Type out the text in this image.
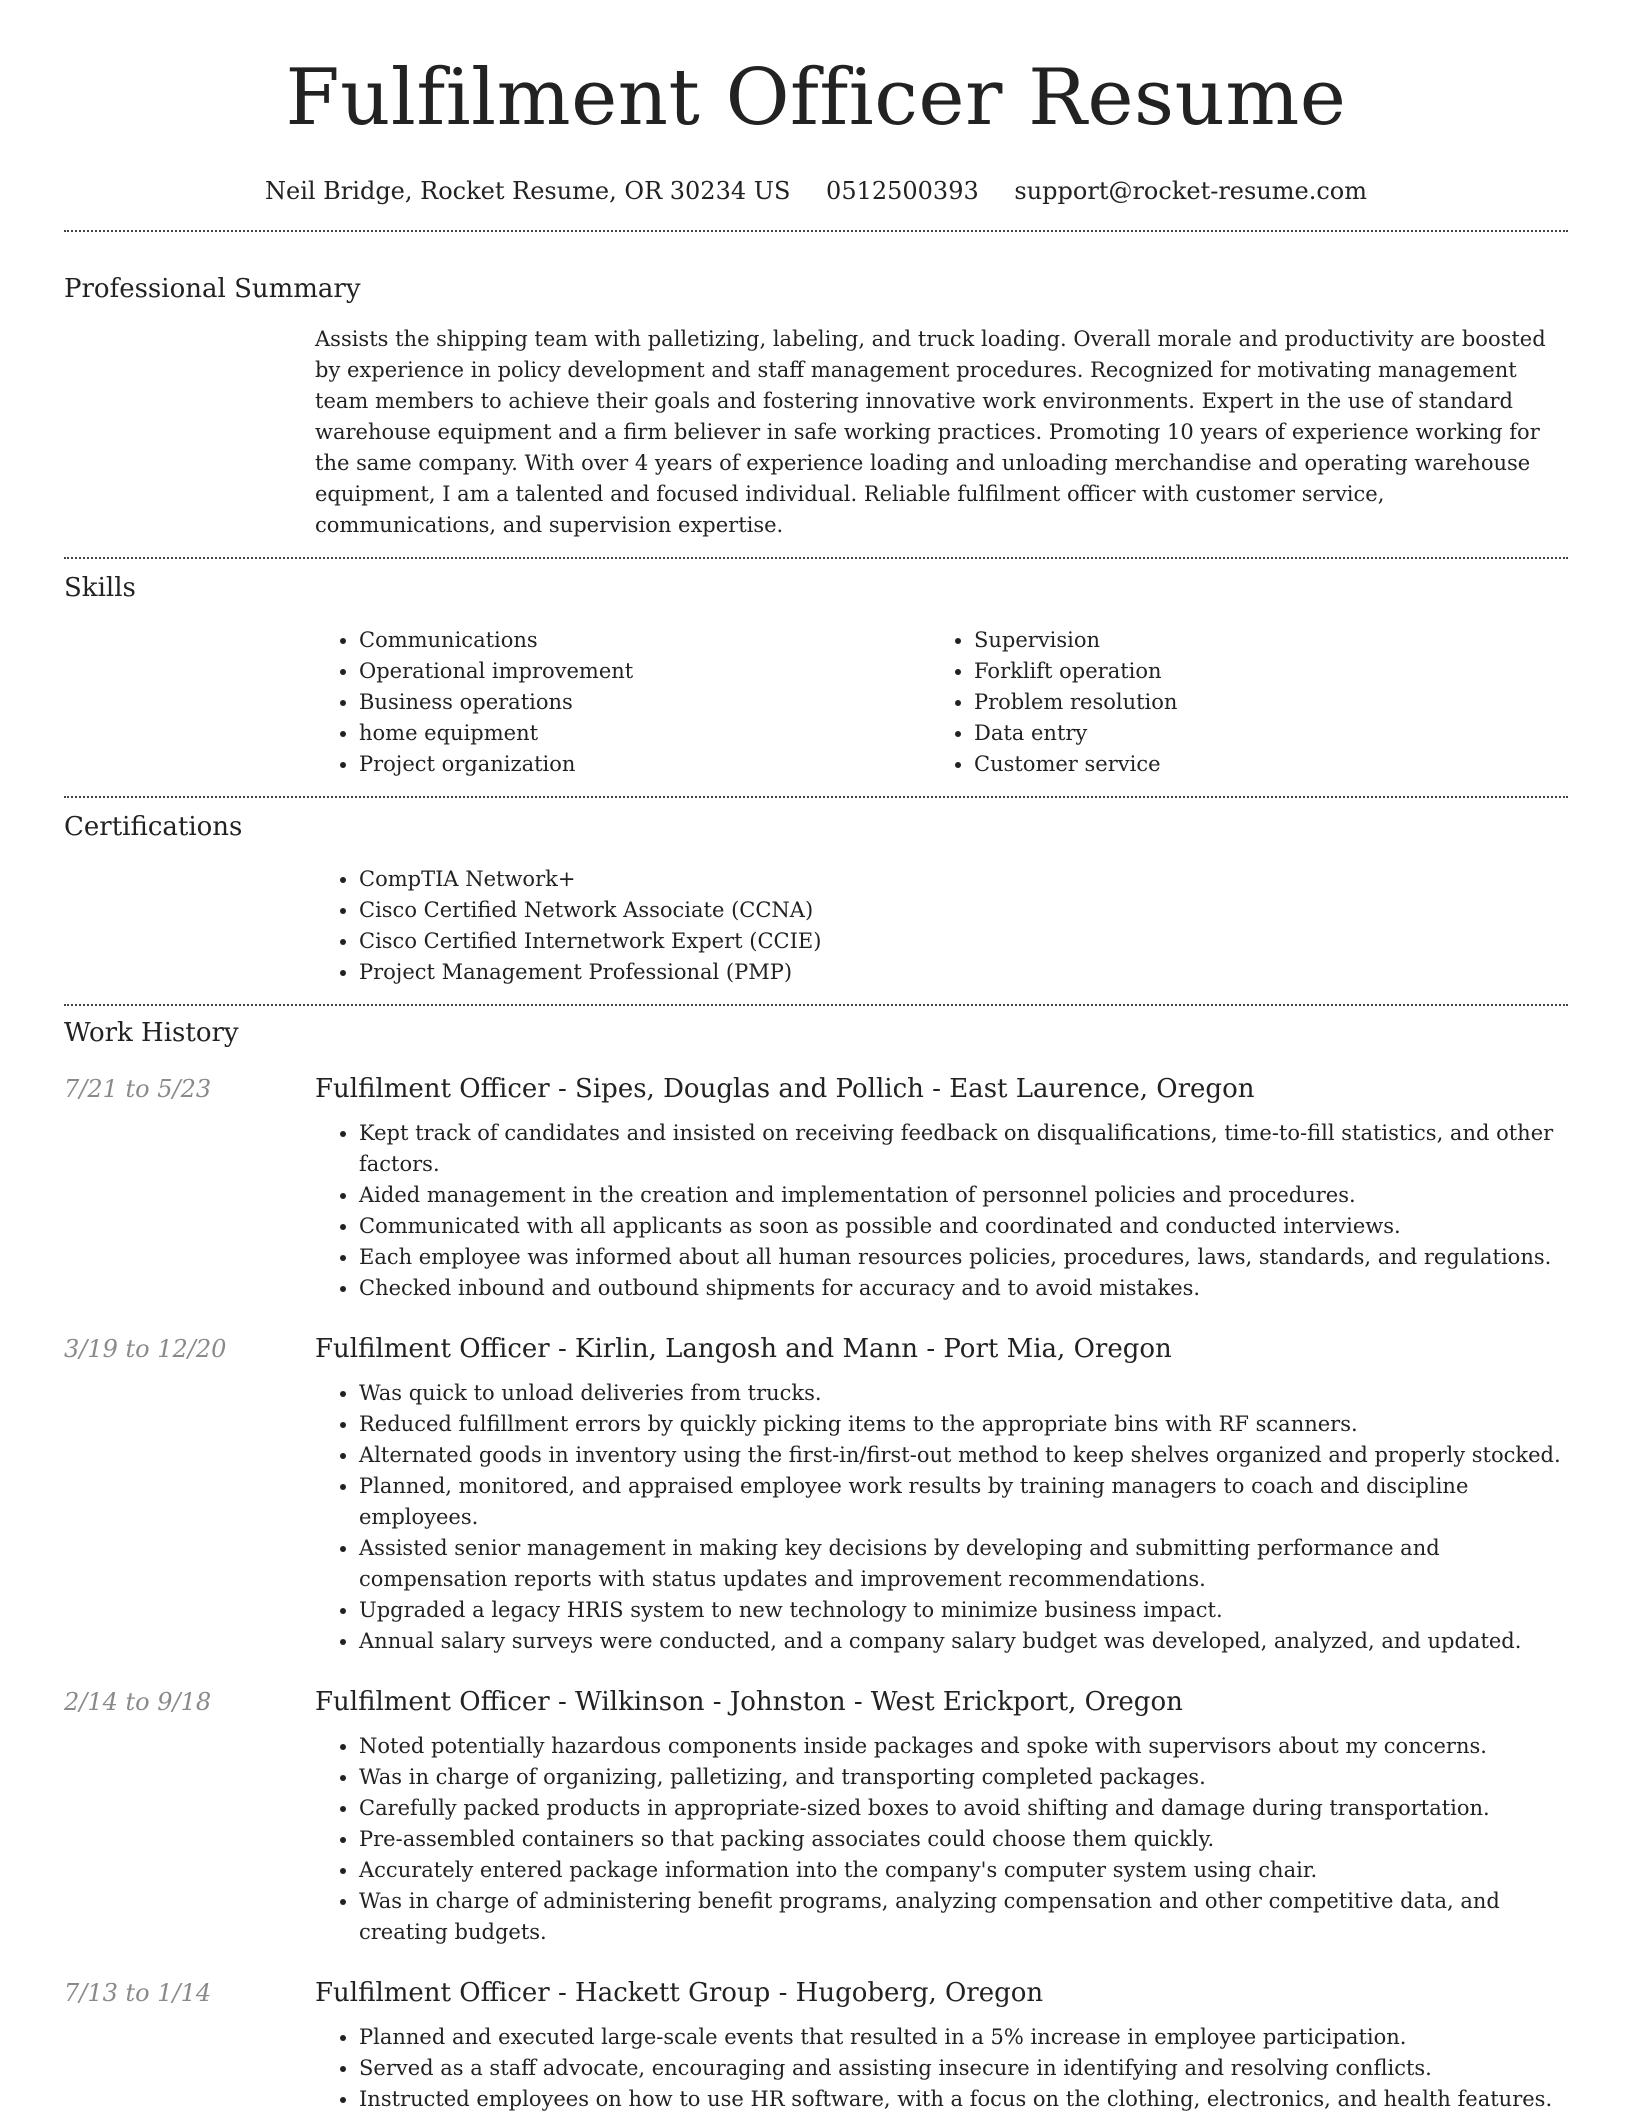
Fulfilment Officer Resume
Neil Bridge, Rocket Resume, OR 30234 US 0512500393 support@rocket-resume.com
Professional Summary

Assists the shipping team with palletizing, labeling, and truck loading. Overall morale and productivity are boosted by experience in policy development and staff management procedures. Recognized for motivating management team members to achieve their goals and fostering innovative work environments. Expert in the use of standard warehouse equipment and a firm believer in safe working practices. Promoting 10 years of experience working for the same company. With over 4 years of experience loading and unloading merchandise and operating warehouse equipment, I am a talented and focused individual. Reliable fulfilment officer with customer service, communications, and supervision expertise.

Skills
• Communications
• Operational improvement
• Business operations
• home equipment
• Project organization
• Supervision
• Forklift operation
• Problem resolution
• Data entry
• Customer service
Certifications
• CompTIA Network+
• Cisco Certified Network Associate (CCNA)
• Cisco Certified Internetwork Expert (CCIE)
• Project Management Professional (PMP)
Work History
7/21 to 5/23	Fulfilment Officer - Sipes, Douglas and Pollich - East Laurence, Oregon
• Kept track of candidates and insisted on receiving feedback on disqualifications, time-to-fill statistics, and other factors.
• Aided management in the creation and implementation of personnel policies and procedures.
• Communicated with all applicants as soon as possible and coordinated and conducted interviews.
• Each employee was informed about all human resources policies, procedures, laws, standards, and regulations.
• Checked inbound and outbound shipments for accuracy and to avoid mistakes.
3/19 to 12/20	Fulfilment Officer - Kirlin, Langosh and Mann - Port Mia, Oregon
• Was quick to unload deliveries from trucks.
• Reduced fulfillment errors by quickly picking items to the appropriate bins with RF scanners.
• Alternated goods in inventory using the first-in/first-out method to keep shelves organized and properly stocked.
• Planned, monitored, and appraised employee work results by training managers to coach and discipline employees.
• Assisted senior management in making key decisions by developing and submitting performance and compensation reports with status updates and improvement recommendations.
• Upgraded a legacy HRIS system to new technology to minimize business impact.
• Annual salary surveys were conducted, and a company salary budget was developed, analyzed, and updated.
2/14 to 9/18	Fulfilment Officer - Wilkinson - Johnston - West Erickport, Oregon
• Noted potentially hazardous components inside packages and spoke with supervisors about my concerns.
• Was in charge of organizing, palletizing, and transporting completed packages.
• Carefully packed products in appropriate-sized boxes to avoid shifting and damage during transportation.
• Pre-assembled containers so that packing associates could choose them quickly.
• Accurately entered package information into the company's computer system using chair.
• Was in charge of administering benefit programs, analyzing compensation and other competitive data, and creating budgets.
7/13 to 1/14	Fulfilment Officer - Hackett Group - Hugoberg, Oregon
• Planned and executed large-scale events that resulted in a 5% increase in employee participation.
• Served as a staff advocate, encouraging and assisting insecure in identifying and resolving conflicts.
• Instructed employees on how to use HR software, with a focus on the clothing, electronics, and health features.
